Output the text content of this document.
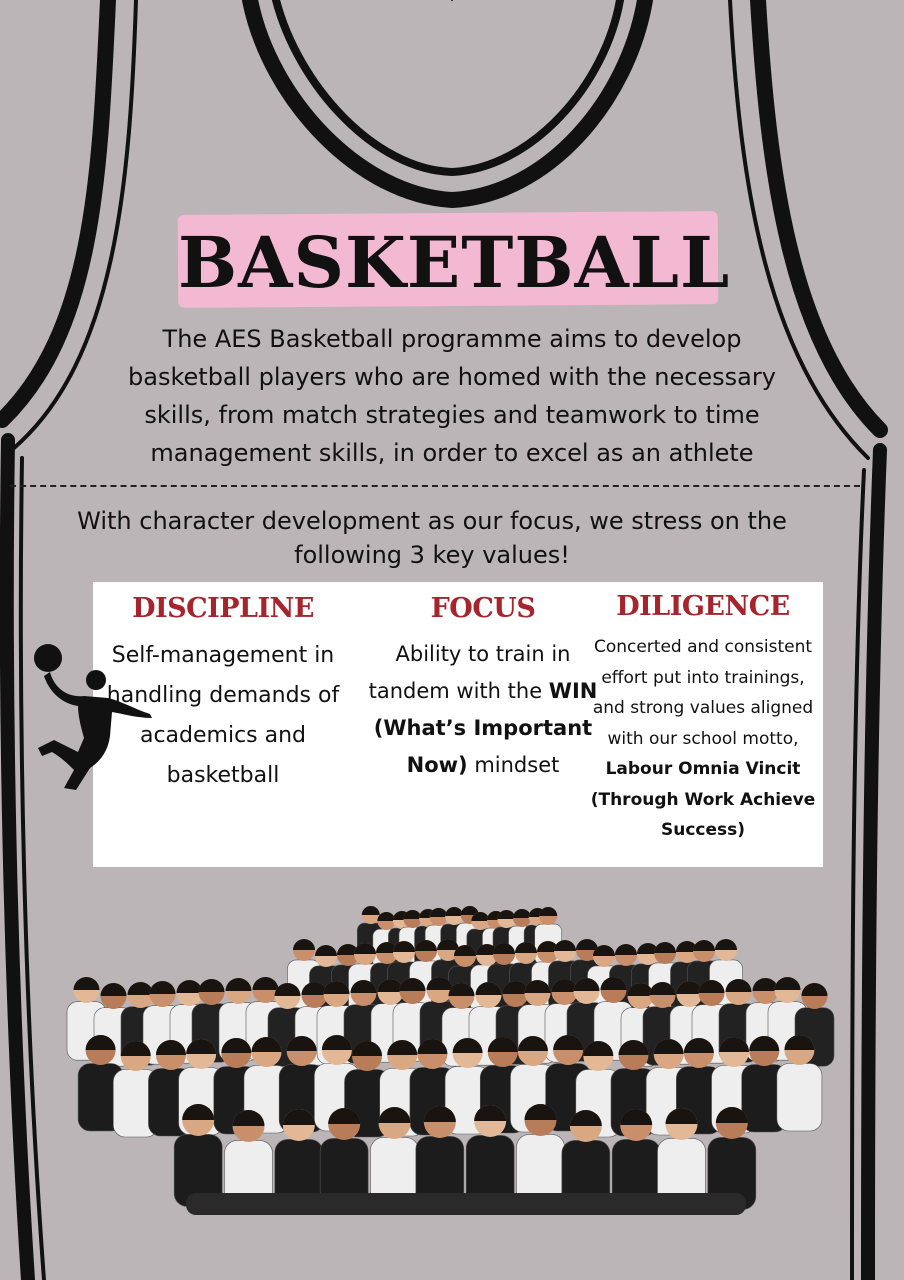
BASKETBALL

The AES Basketball programme aims to develop basketball players who are homed with the necessary skills, from match strategies and teamwork to time management skills, in order to excel as an athlete

With character development as our focus, we stress on the following 3 key values!

DISCIPLINE

Self-management in handling demands of academics and basketball

FOCUS

Ability to train in tandem with the WIN (What’s Important Now) mindset

DILIGENCE

Concerted and consistent effort put into trainings, and strong values aligned with our school motto, Labour Omnia Vincit (Through Work Achieve Success)
